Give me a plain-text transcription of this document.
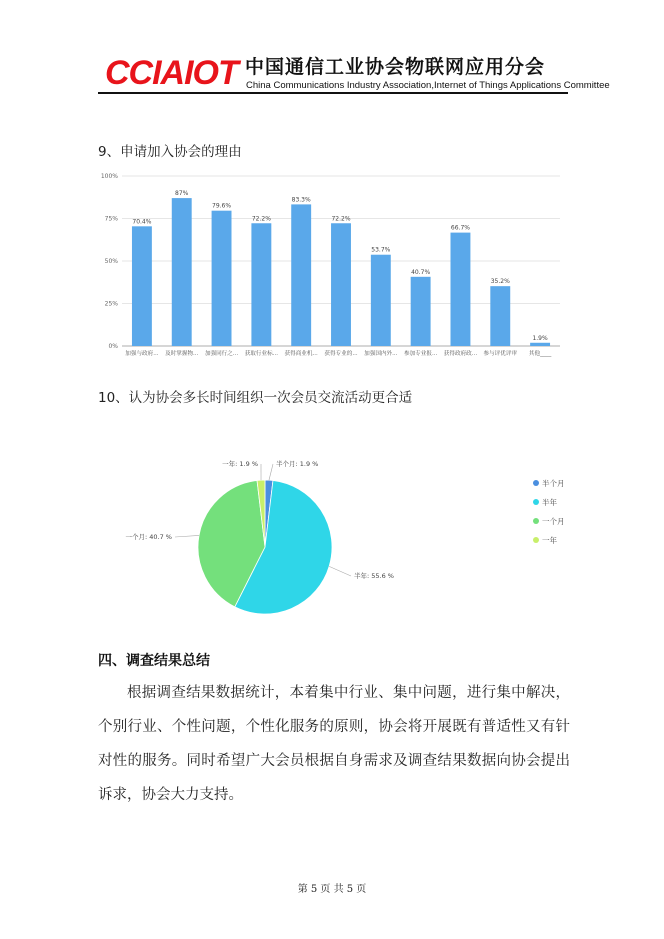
CCIAIOT 中国通信工业协会物联网应用分会
China Communications Industry Association,Internet of Things Applications Committee
9、申请加入协会的理由
0%
25%
50%
75%
100%
70.4%
加强与政府...
87%
及时掌握物...
79.6%
加强同行之...
72.2%
获取行业标...
83.3%
获得商业机...
72.2%
获得专业的...
53.7%
加强国内外...
40.7%
参加专业报...
66.7%
获得政府政...
35.2%
参与评优评审
1.9%
其他____
10、认为协会多长时间组织一次会员交流活动更合适
半个月: 1.9 %
半年: 55.6 %
一个月: 40.7 %
一年: 1.9 %
半个月
半年
一个月
一年
四、调查结果总结
根据调查结果数据统计，本着集中行业、集中问题，进行集中解决，个别行业、个性问题，个性化服务的原则，协会将开展既有普适性又有针对性的服务。同时希望广大会员根据自身需求及调查结果数据向协会提出诉求，协会大力支持。
第 5 页 共 5 页
